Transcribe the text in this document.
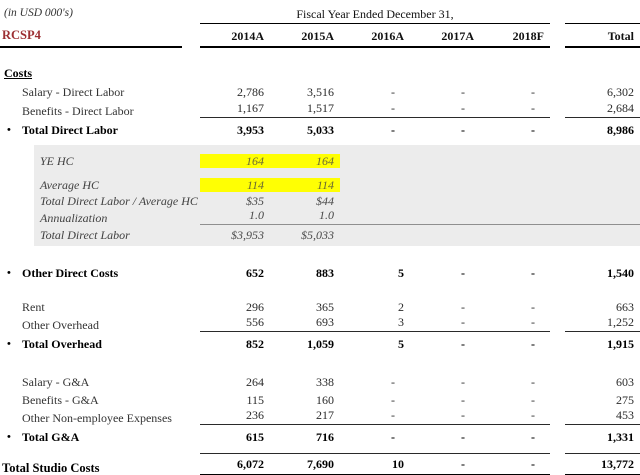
(in USD 000's)	Fiscal Year Ended December 31,
RCSP4	2014A	2015A	2016A	2017A	2018F	Total
Costs
Salary - Direct Labor	2,786	3,516	-	-	-	6,302
Benefits - Direct Labor	1,167	1,517	-	-	-	2,684
• Total Direct Labor	3,953	5,033	-	-	-	8,986
YE HC	164	164
Average HC	114	114
Total Direct Labor / Average HC	$35	$44
Annualization	1.0	1.0
Total Direct Labor	$3,953	$5,033
• Other Direct Costs	652	883	5	-	-	1,540
Rent	296	365	2	-	-	663
Other Overhead	556	693	3	-	-	1,252
• Total Overhead	852	1,059	5	-	-	1,915
Salary - G&A	264	338	-	-	-	603
Benefits - G&A	115	160	-	-	-	275
Other Non-employee Expenses	236	217	-	-	-	453
• Total G&A	615	716	-	-	-	1,331
Total Studio Costs	6,072	7,690	10	-	-	13,772
